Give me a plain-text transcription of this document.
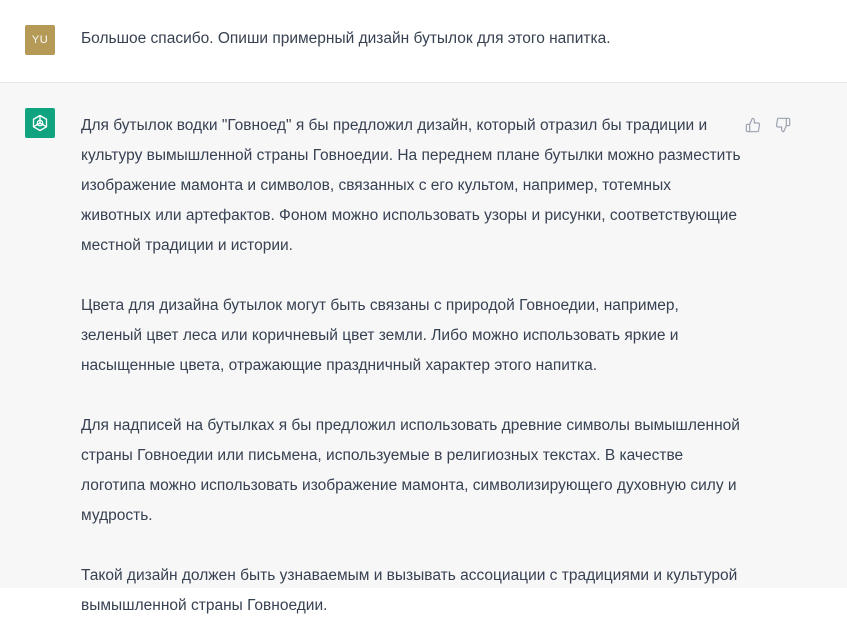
YU	Большое спасибо. Опиши примерный дизайн бутылок для этого напитка.

Для бутылок водки "Говноед" я бы предложил дизайн, который отразил бы традиции и культуру вымышленной страны Говноедии. На переднем плане бутылки можно разместить изображение мамонта и символов, связанных с его культом, например, тотемных животных или артефактов. Фоном можно использовать узоры и рисунки, соответствующие местной традиции и истории.

Цвета для дизайна бутылок могут быть связаны с природой Говноедии, например, зеленый цвет леса или коричневый цвет земли. Либо можно использовать яркие и насыщенные цвета, отражающие праздничный характер этого напитка.

Для надписей на бутылках я бы предложил использовать древние символы вымышленной страны Говноедии или письмена, используемые в религиозных текстах. В качестве логотипа можно использовать изображение мамонта, символизирующего духовную силу и мудрость.

Такой дизайн должен быть узнаваемым и вызывать ассоциации с традициями и культурой вымышленной страны Говноедии.
